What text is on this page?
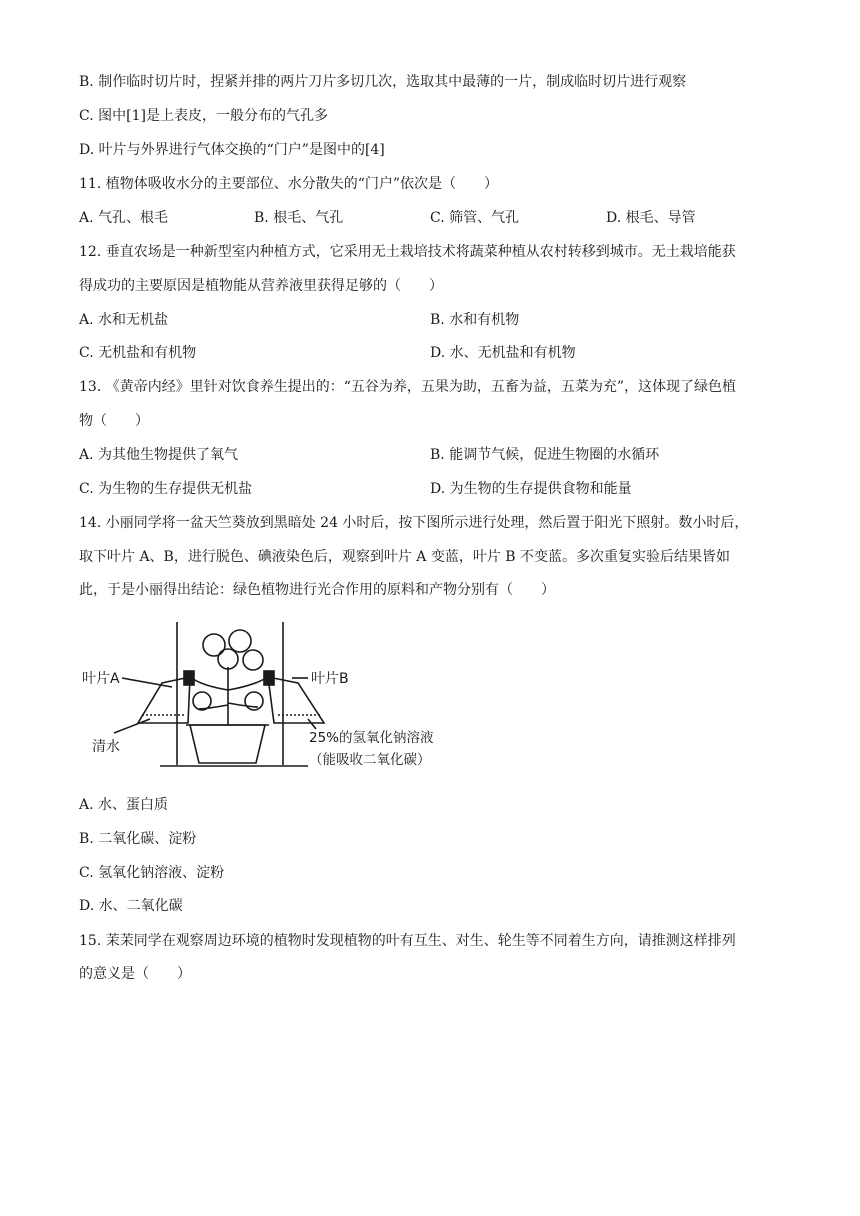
B. 制作临时切片时，捏紧并排的两片刀片多切几次，选取其中最薄的一片，制成临时切片进行观察
C. 图中[1]是上表皮，一般分布的气孔多
D. 叶片与外界进行气体交换的“门户”是图中的[4]
11. 植物体吸收水分的主要部位、水分散失的“门户”依次是（　　）
A. 气孔、根毛	B. 根毛、气孔	C. 筛管、气孔	D. 根毛、导管
12. 垂直农场是一种新型室内种植方式，它采用无土栽培技术将蔬菜种植从农村转移到城市。无土栽培能获
得成功的主要原因是植物能从营养液里获得足够的（　　）
A. 水和无机盐	B. 水和有机物
C. 无机盐和有机物	D. 水、无机盐和有机物
13. 《黄帝内经》里针对饮食养生提出的：“五谷为养，五果为助，五畜为益，五菜为充”，这体现了绿色植
物（　　）
A. 为其他生物提供了氧气	B. 能调节气候，促进生物圈的水循环
C. 为生物的生存提供无机盐	D. 为生物的生存提供食物和能量
14. 小丽同学将一盆天竺葵放到黑暗处 24 小时后，按下图所示进行处理，然后置于阳光下照射。数小时后，
取下叶片 A、B，进行脱色、碘液染色后，观察到叶片 A 变蓝，叶片 B 不变蓝。多次重复实验后结果皆如
此，于是小丽得出结论：绿色植物进行光合作用的原料和产物分别有（　　）
叶片A	叶片B
清水
25%的氢氧化钠溶液
（能吸收二氧化碳）
A. 水、蛋白质
B. 二氧化碳、淀粉
C. 氢氧化钠溶液、淀粉
D. 水、二氧化碳
15. 茉茉同学在观察周边环境的植物时发现植物的叶有互生、对生、轮生等不同着生方向，请推测这样排列
的意义是（　　）
